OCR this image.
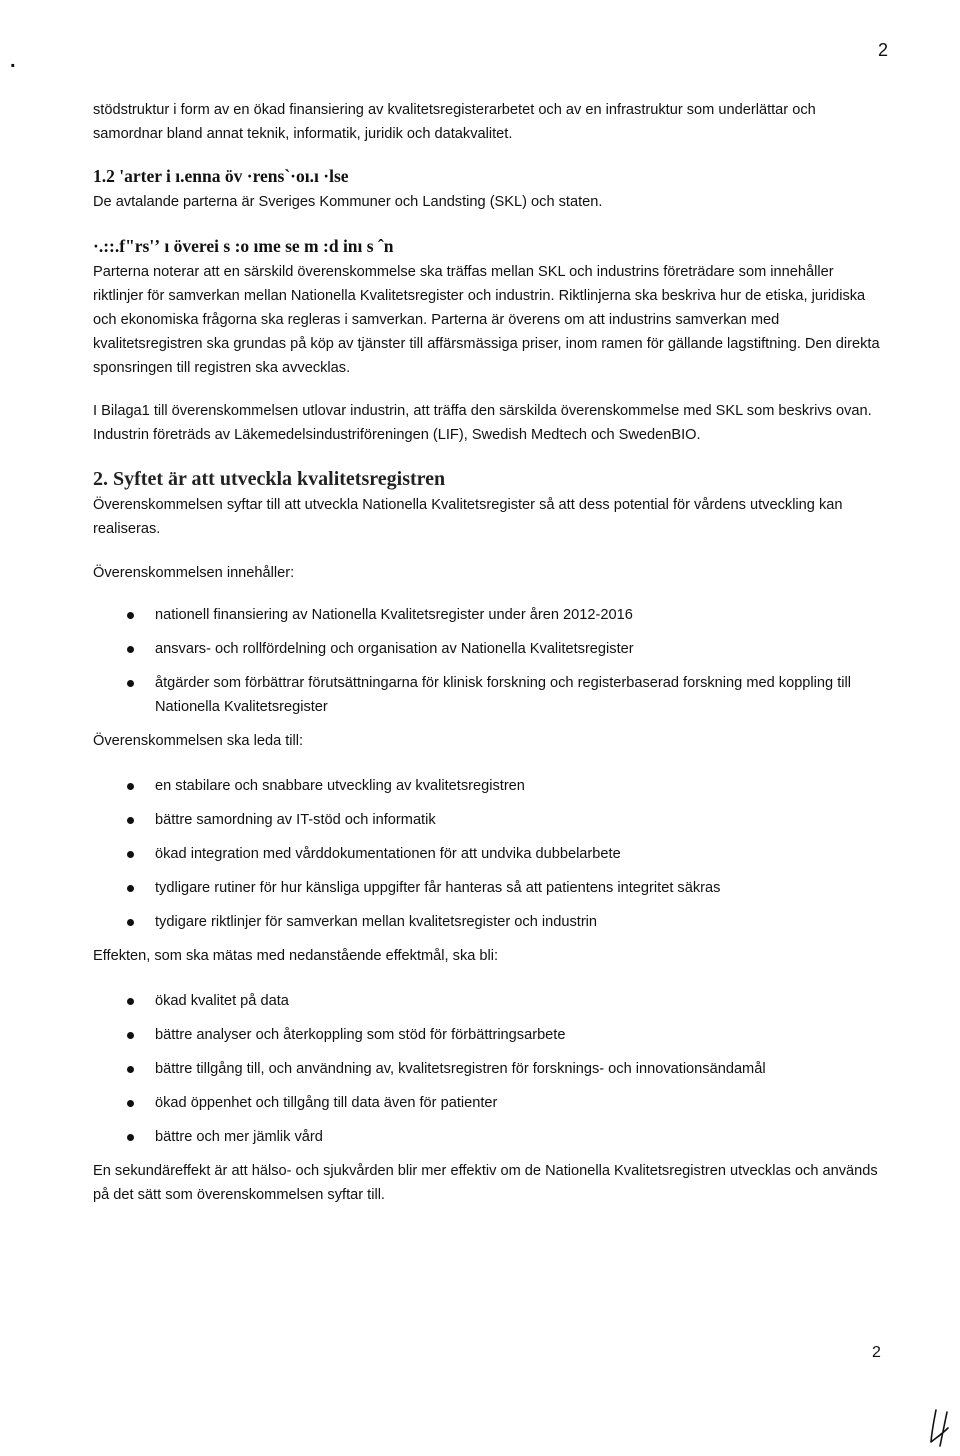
.	2

stödstruktur i form av en ökad finansiering av kvalitetsregisterarbetet och av en infrastruktur som underlättar och samordnar bland annat teknik, informatik, juridik och datakvalitet.

1.2 'arter i ı.enna öv ·rens`·oı.ı ·lse

De avtalande parterna är Sveriges Kommuner och Landsting (SKL) och staten.

·.::.f"rs'ʼ ı överei s :o ıme se m :d inı s ˆn

Parterna noterar att en särskild överenskommelse ska träffas mellan SKL och industrins företrädare som innehåller riktlinjer för samverkan mellan Nationella Kvalitetsregister och industrin. Riktlinjerna ska beskriva hur de etiska, juridiska och ekonomiska frågorna ska regleras i samverkan. Parterna är överens om att industrins samverkan med kvalitetsregistren ska grundas på köp av tjänster till affärsmässiga priser, inom ramen för gällande lagstiftning. Den direkta sponsringen till registren ska avvecklas.

I Bilaga1 till överenskommelsen utlovar industrin, att träffa den särskilda överenskommelse med SKL som beskrivs ovan. Industrin företräds av Läkemedelsindustriföreningen (LIF), Swedish Medtech och SwedenBIO.

2. Syftet är att utveckla kvalitetsregistren

Överenskommelsen syftar till att utveckla Nationella Kvalitetsregister så att dess potential för vårdens utveckling kan realiseras.

Överenskommelsen innehåller:

nationell finansiering av Nationella Kvalitetsregister under åren 2012-2016
ansvars- och rollfördelning och organisation av Nationella Kvalitetsregister
åtgärder som förbättrar förutsättningarna för klinisk forskning och registerbaserad forskning med koppling till Nationella Kvalitetsregister

Överenskommelsen ska leda till:

en stabilare och snabbare utveckling av kvalitetsregistren
bättre samordning av IT-stöd och informatik
ökad integration med vårddokumentationen för att undvika dubbelarbete
tydligare rutiner för hur känsliga uppgifter får hanteras så att patientens integritet säkras
tydigare riktlinjer för samverkan mellan kvalitetsregister och industrin

Effekten, som ska mätas med nedanstående effektmål, ska bli:

ökad kvalitet på data
bättre analyser och återkoppling som stöd för förbättringsarbete
bättre tillgång till, och användning av, kvalitetsregistren för forsknings- och innovationsändamål
ökad öppenhet och tillgång till data även för patienter
bättre och mer jämlik vård

En sekundäreffekt är att hälso- och sjukvården blir mer effektiv om de Nationella Kvalitetsregistren utvecklas och används på det sätt som överenskommelsen syftar till.

2
